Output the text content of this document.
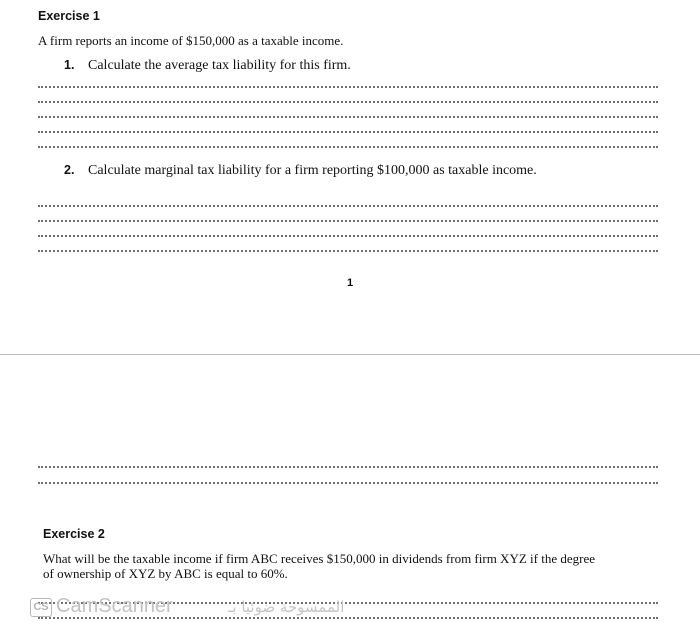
Exercise 1
A firm reports an income of $150,000 as a taxable income.
1. Calculate the average tax liability for this firm.
2. Calculate marginal tax liability for a firm reporting $100,000 as taxable income.
1
Exercise 2
What will be the taxable income if firm ABC receives $150,000 in dividends from firm XYZ if the degree
of ownership of XYZ by ABC is equal to 60%.
CS CamScanner	الممسوحة ضوئيا بـ
